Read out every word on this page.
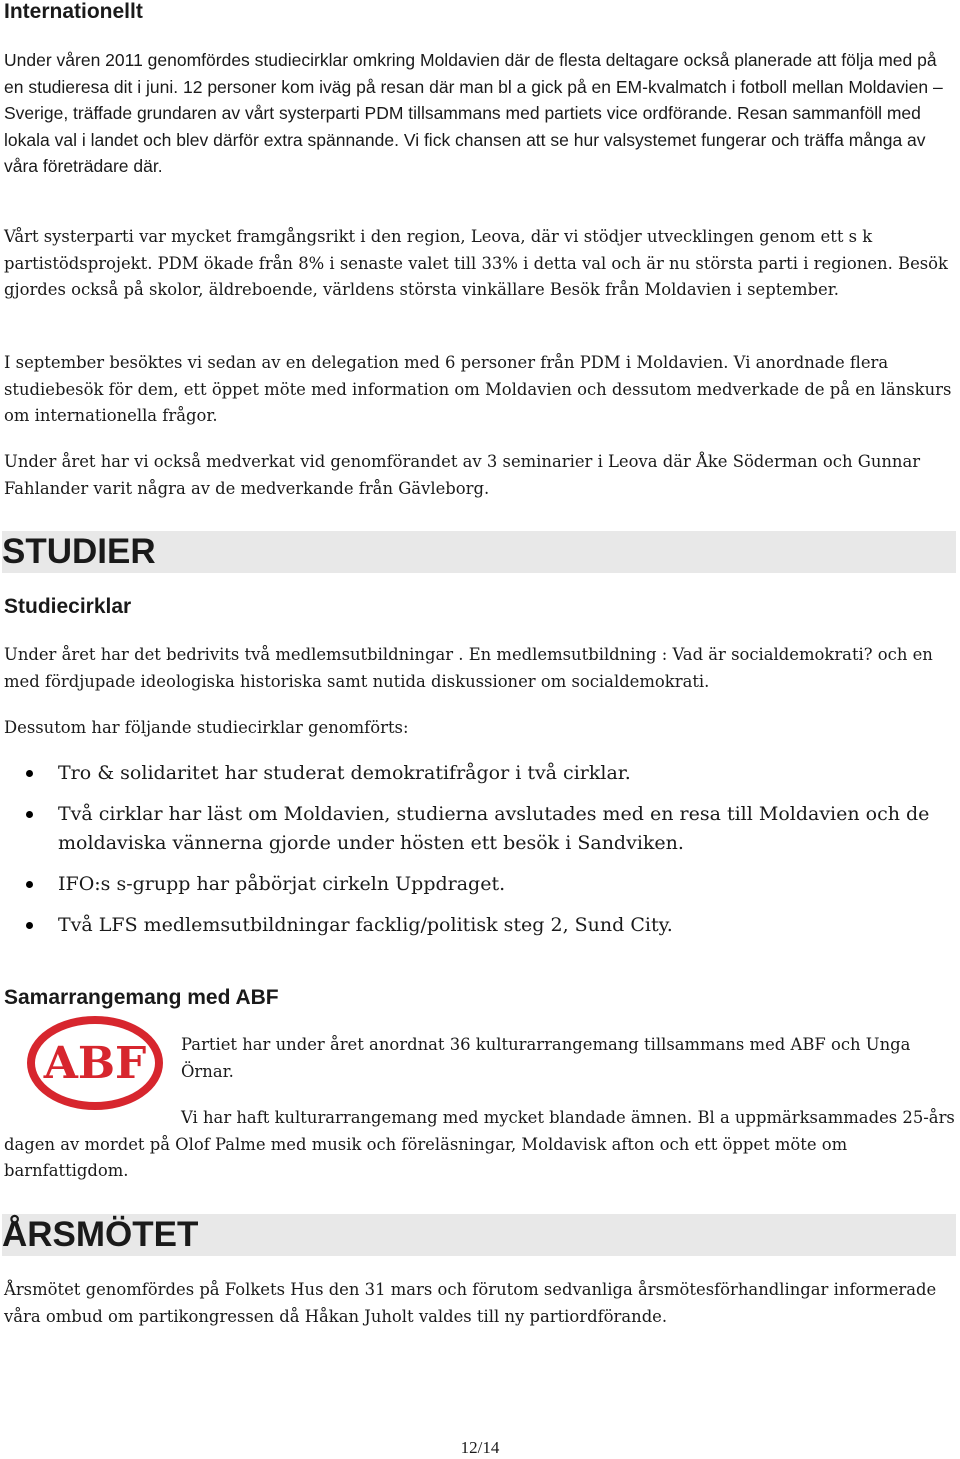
Internationellt

Under våren 2011 genomfördes studiecirklar omkring Moldavien där de flesta deltagare också planerade att följa med på en studieresa dit i juni. 12 personer kom iväg på resan där man bl a gick på en EM-kvalmatch i fotboll mellan Moldavien – Sverige, träffade grundaren av vårt systerparti PDM tillsammans med partiets vice ordförande. Resan sammanföll med lokala val i landet och blev därför extra spännande. Vi fick chansen att se hur valsystemet fungerar och träffa många av våra företrädare där.

Vårt systerparti var mycket framgångsrikt i den region, Leova, där vi stödjer utvecklingen genom ett s k partistödsprojekt. PDM ökade från 8% i senaste valet till 33% i detta val och är nu största parti i regionen. Besök gjordes också på skolor, äldreboende, världens största vinkällare Besök från Moldavien i september.

I september besöktes vi sedan av en delegation med 6 personer från PDM i Moldavien. Vi anordnade flera studiebesök för dem, ett öppet möte med information om Moldavien och dessutom medverkade de på en länskurs om internationella frågor.

Under året har vi också medverkat vid genomförandet av 3 seminarier i Leova där Åke Söderman och Gunnar Fahlander varit några av de medverkande från Gävleborg.

STUDIER
Studiecirklar

Under året har det bedrivits två medlemsutbildningar . En medlemsutbildning : Vad är socialdemokrati? och en med fördjupade ideologiska historiska samt nutida diskussioner om socialdemokrati.

Dessutom har följande studiecirklar genomförts:

Tro & solidaritet har studerat demokratifrågor i två cirklar.
Två cirklar har läst om Moldavien, studierna avslutades med en resa till Moldavien och de moldaviska vännerna gjorde under hösten ett besök i Sandviken.
IFO:s s-grupp har påbörjat cirkeln Uppdraget.
Två LFS medlemsutbildningar facklig/politisk steg 2, Sund City.
Samarrangemang med ABF
ABF Partiet har under året anordnat 36 kulturarrangemang tillsammans med ABF och Unga Örnar.

Vi har haft kulturarrangemang med mycket blandade ämnen. Bl a uppmärksammades 25-års dagen av mordet på Olof Palme med musik och föreläsningar, Moldavisk afton och ett öppet möte om barnfattigdom.

ÅRSMÖTET

Årsmötet genomfördes på Folkets Hus den 31 mars och förutom sedvanliga årsmötesförhandlingar informerade våra ombud om partikongressen då Håkan Juholt valdes till ny partiordförande.

12/14
